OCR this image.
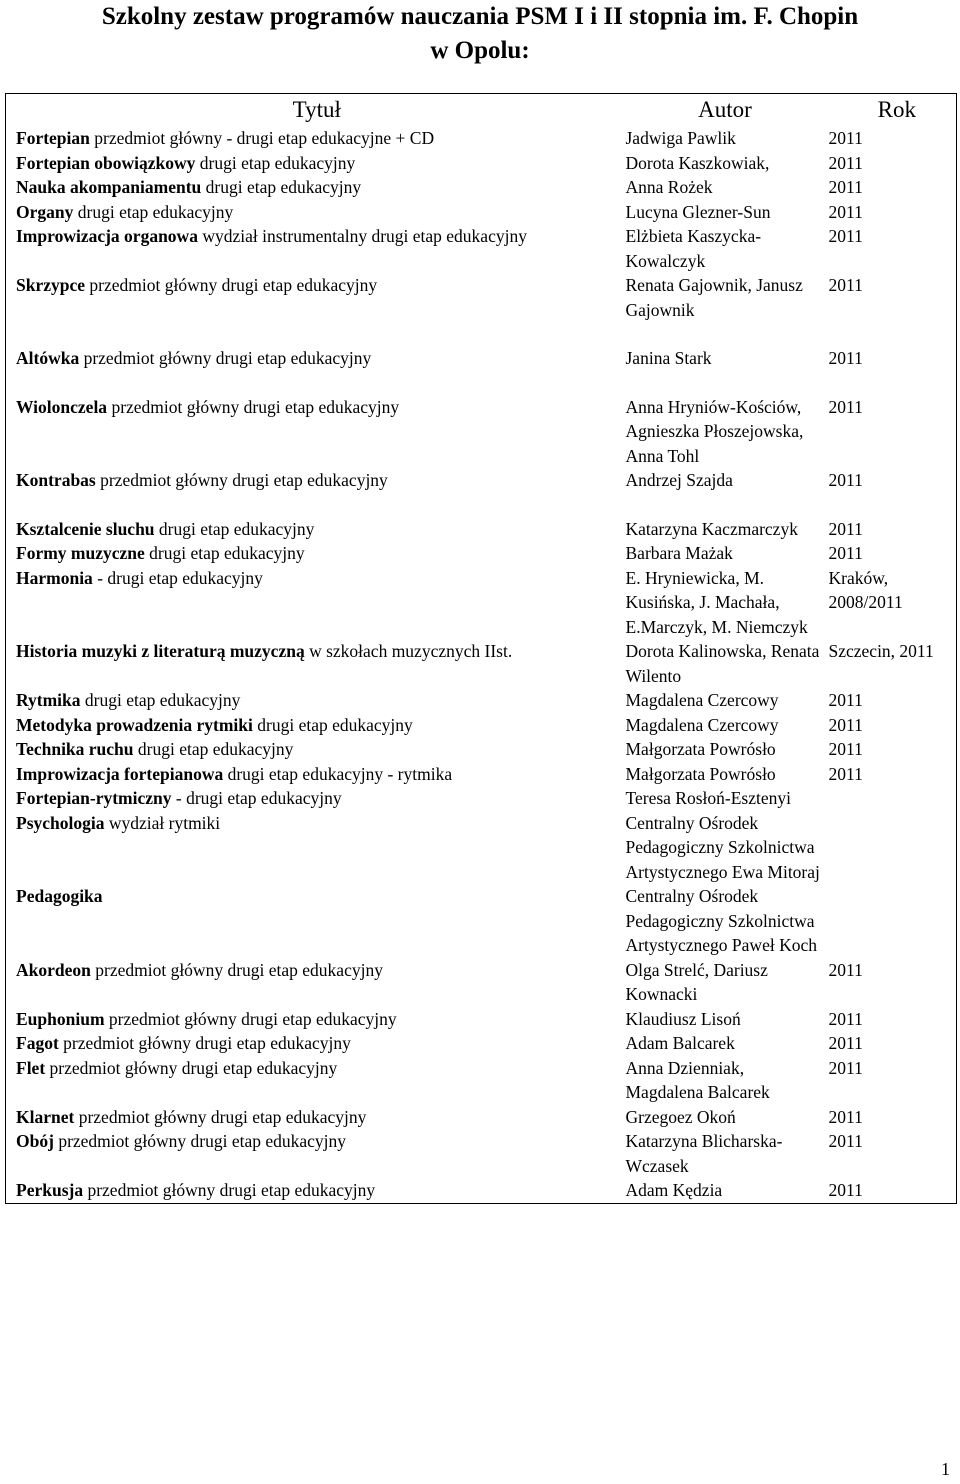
Szkolny zestaw programów nauczania PSM I i II stopnia im. F. Chopin
w Opolu:
Tytuł	Autor	Rok
Fortepian przedmiot główny - drugi etap edukacyjne + CD	Jadwiga Pawlik	2011
Fortepian obowiązkowy drugi etap edukacyjny	Dorota Kaszkowiak,	2011
Nauka akompaniamentu drugi etap edukacyjny	Anna Rożek	2011
Organy drugi etap edukacyjny	Lucyna Glezner-Sun	2011
Improwizacja organowa wydział instrumentalny drugi etap edukacyjny	Elżbieta Kaszycka-Kowalczyk	2011
Skrzypce przedmiot główny drugi etap edukacyjny	Renata Gajownik, Janusz Gajownik	2011
Altówka przedmiot główny drugi etap edukacyjny	Janina Stark	2011
Wiolonczela przedmiot główny drugi etap edukacyjny	Anna Hryniów-Kościów, Agnieszka Płoszejowska, Anna Tohl	2011
Kontrabas przedmiot główny drugi etap edukacyjny	Andrzej Szajda	2011
Ksztalcenie sluchu drugi etap edukacyjny	Katarzyna Kaczmarczyk	2011
Formy muzyczne drugi etap edukacyjny	Barbara Mażak	2011
Harmonia - drugi etap edukacyjny	E. Hryniewicka, M. Kusińska, J. Machała, E.Marczyk, M. Niemczyk	Kraków, 2008/2011
Historia muzyki z literaturą muzyczną w szkołach muzycznych IIst.	Dorota Kalinowska, Renata Wilento	Szczecin, 2011
Rytmika drugi etap edukacyjny	Magdalena Czercowy	2011
Metodyka prowadzenia rytmiki drugi etap edukacyjny	Magdalena Czercowy	2011
Technika ruchu drugi etap edukacyjny	Małgorzata Powrósło	2011
Improwizacja fortepianowa drugi etap edukacyjny - rytmika	Małgorzata Powrósło	2011
Fortepian-rytmiczny - drugi etap edukacyjny	Teresa Rosłoń-Esztenyi	
Psychologia wydział rytmiki	Centralny Ośrodek Pedagogiczny Szkolnictwa Artystycznego Ewa Mitoraj	
Pedagogika	Centralny Ośrodek Pedagogiczny Szkolnictwa Artystycznego Paweł Koch	
Akordeon przedmiot główny drugi etap edukacyjny	Olga Strelć, Dariusz Kownacki	2011
Euphonium przedmiot główny drugi etap edukacyjny	Klaudiusz Lisoń	2011
Fagot przedmiot główny drugi etap edukacyjny	Adam Balcarek	2011
Flet przedmiot główny drugi etap edukacyjny	Anna Dzienniak, Magdalena Balcarek	2011
Klarnet przedmiot główny drugi etap edukacyjny	Grzegoez Okoń	2011
Obój przedmiot główny drugi etap edukacyjny	Katarzyna Blicharska-Wczasek	2011
Perkusja przedmiot główny drugi etap edukacyjny	Adam Kędzia	2011
1
